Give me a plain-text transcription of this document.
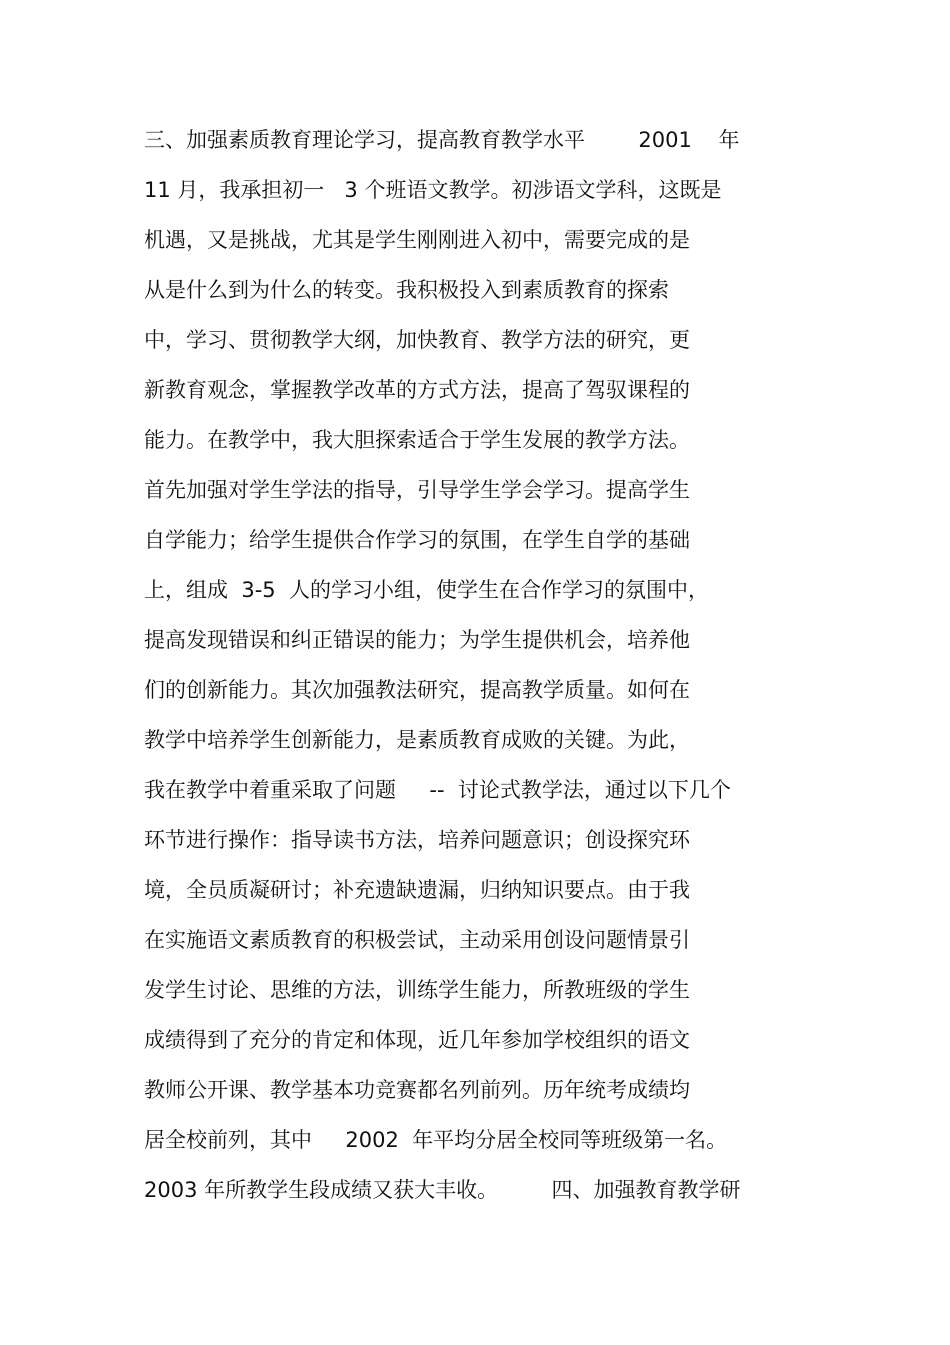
三、加强素质教育理论学习，提高教育教学水平        2001    年
11 月，我承担初一   3 个班语文教学。初涉语文学科，这既是
机遇，又是挑战，尤其是学生刚刚进入初中，需要完成的是
从是什么到为什么的转变。我积极投入到素质教育的探索
中，学习、贯彻教学大纲，加快教育、教学方法的研究，更
新教育观念，掌握教学改革的方式方法，提高了驾驭课程的
能力。在教学中，我大胆探索适合于学生发展的教学方法。
首先加强对学生学法的指导，引导学生学会学习。提高学生
自学能力；给学生提供合作学习的氛围，在学生自学的基础
上，组成  3-5  人的学习小组，使学生在合作学习的氛围中，
提高发现错误和纠正错误的能力；为学生提供机会，培养他
们的创新能力。其次加强教法研究，提高教学质量。如何在
教学中培养学生创新能力，是素质教育成败的关键。为此，
我在教学中着重采取了问题     --  讨论式教学法，通过以下几个
环节进行操作：指导读书方法，培养问题意识；创设探究环
境，全员质凝研讨；补充遗缺遗漏，归纳知识要点。由于我
在实施语文素质教育的积极尝试，主动采用创设问题情景引
发学生讨论、思维的方法，训练学生能力，所教班级的学生
成绩得到了充分的肯定和体现，近几年参加学校组织的语文
教师公开课、教学基本功竞赛都名列前列。历年统考成绩均
居全校前列，其中     2002  年平均分居全校同等班级第一名。
2003 年所教学生段成绩又获大丰收。        四、加强教育教学研
